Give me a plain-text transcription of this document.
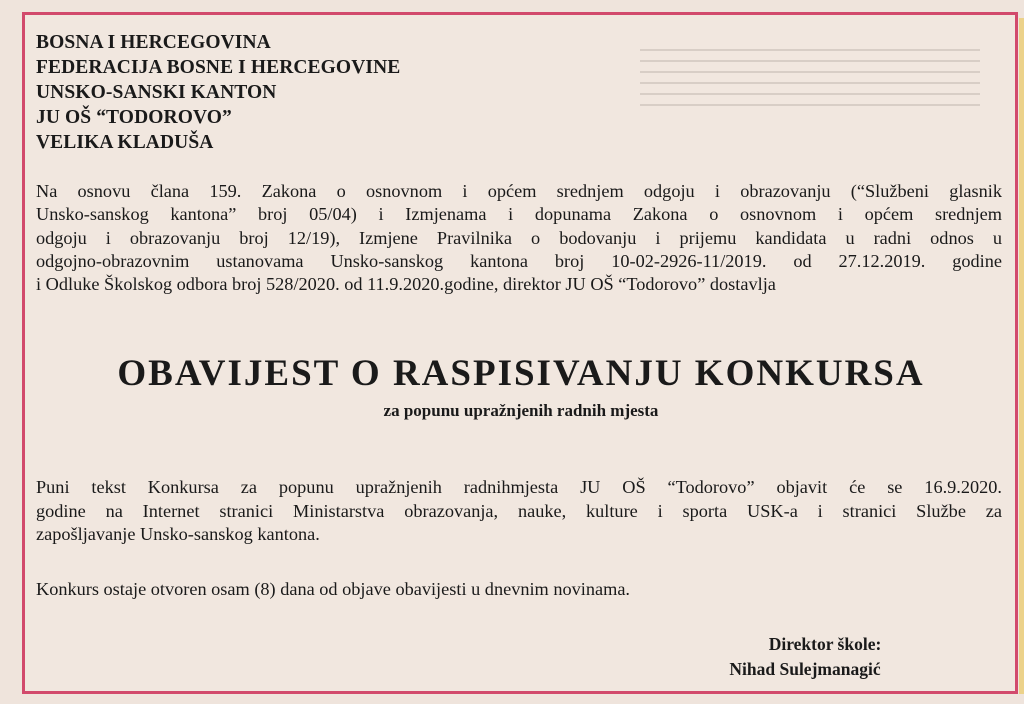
BOSNA I HERCEGOVINA
FEDERACIJA BOSNE I HERCEGOVINE
UNSKO-SANSKI KANTON
JU OŠ “TODOROVO”
VELIKA KLADUŠA
Na osnovu člana 159. Zakona o osnovnom i općem srednjem odgoju i obrazovanju (“Službeni glasnik
Unsko-sanskog kantona” broj 05/04) i Izmjenama i dopunama Zakona o osnovnom i općem srednjem
odgoju i obrazovanju broj 12/19), Izmjene Pravilnika o bodovanju i prijemu kandidata u radni odnos u
odgojno-obrazovnim ustanovama Unsko-sanskog kantona broj 10-02-2926-11/2019. od 27.12.2019. godine
i Odluke Školskog odbora broj 528/2020. od 11.9.2020.godine, direktor JU OŠ “Todorovo” dostavlja
OBAVIJEST O RASPISIVANJU KONKURSA
za popunu upražnjenih radnih mjesta
Puni tekst Konkursa za popunu upražnjenih radnihmjesta JU OŠ “Todorovo” objavit će se 16.9.2020.
godine na Internet stranici Ministarstva obrazovanja, nauke, kulture i sporta USK-a i stranici Službe za
zapošljavanje Unsko-sanskog kantona.
Konkurs ostaje otvoren osam (8) dana od objave obavijesti u dnevnim novinama.
Direktor škole:
Nihad Sulejmanagić
